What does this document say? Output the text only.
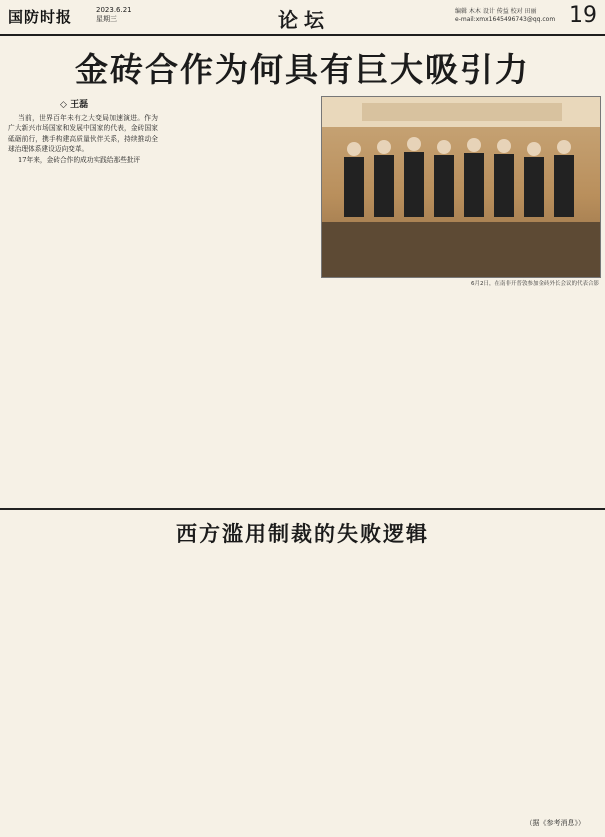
国防时报	2023.6.21
星期三	论坛	编辑 木木 设计 传益 校对 田丽
e-mail:xmx1645496743@qq.com 19
金砖合作为何具有巨大吸引力
◇ 王磊

当前，世界百年未有之大变局加速演进。作为广大新兴市场国家和发展中国家的代表，金砖国家砥砺前行，携手构建高质量伙伴关系，持续推动全球治理体系建设迈向变革。

17年来，金砖合作的成功实践给那些批评

6月2日，在南非开普敦参加金砖外长会议的代表合影
西方滥用制裁的失败逻辑
（据《参考消息》）
